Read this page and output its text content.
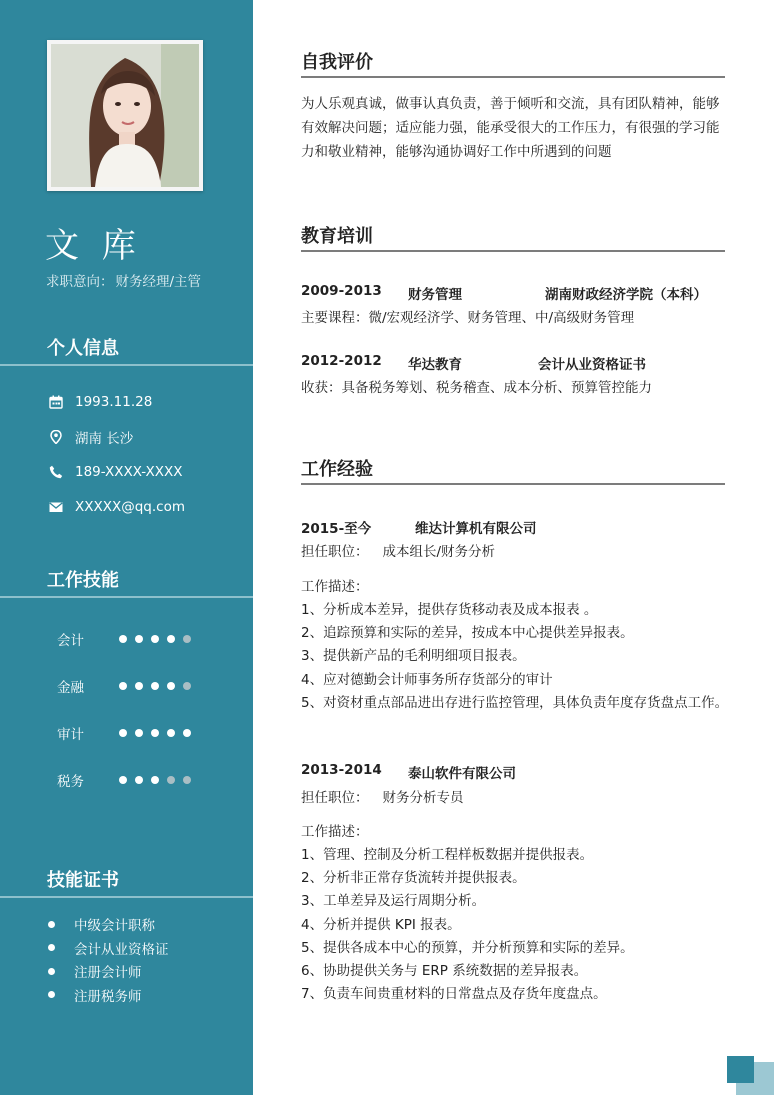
文 库
求职意向： 财务经理/主管
个人信息
1993.11.28
湖南 长沙
189-XXXX-XXXX
XXXXX@qq.com
工作技能
会计
金融
审计
税务
技能证书
中级会计职称
会计从业资格证
注册会计师
注册税务师
自我评价
为人乐观真诚，做事认真负责，善于倾听和交流，具有团队精神，能够有效解决问题；适应能力强，能承受很大的工作压力，有很强的学习能力和敬业精神，能够沟通协调好工作中所遇到的问题
教育培训
2009-2013 财务管理	湖南财政经济学院（本科）
主要课程：微/宏观经济学、财务管理、中/高级财务管理
2012-2012 华达教育	会计从业资格证书
收获：具备税务筹划、税务稽查、成本分析、预算管控能力
工作经验
2015-至今	维达计算机有限公司
担任职位： 成本组长/财务分析
工作描述：
1、分析成本差异，提供存货移动表及成本报表 。
2、追踪预算和实际的差异，按成本中心提供差异报表。
3、提供新产品的毛利明细项目报表。
4、应对德勤会计师事务所存货部分的审计
5、对资材重点部品进出存进行监控管理，具体负责年度存货盘点工作。
2013-2014 泰山软件有限公司
担任职位： 财务分析专员
工作描述：
1、管理、控制及分析工程样板数据并提供报表。
2、分析非正常存货流转并提供报表。
3、工单差异及运行周期分析。
4、分析并提供 KPI 报表。
5、提供各成本中心的预算，并分析预算和实际的差异。
6、协助提供关务与 ERP 系统数据的差异报表。
7、负责车间贵重材料的日常盘点及存货年度盘点。
